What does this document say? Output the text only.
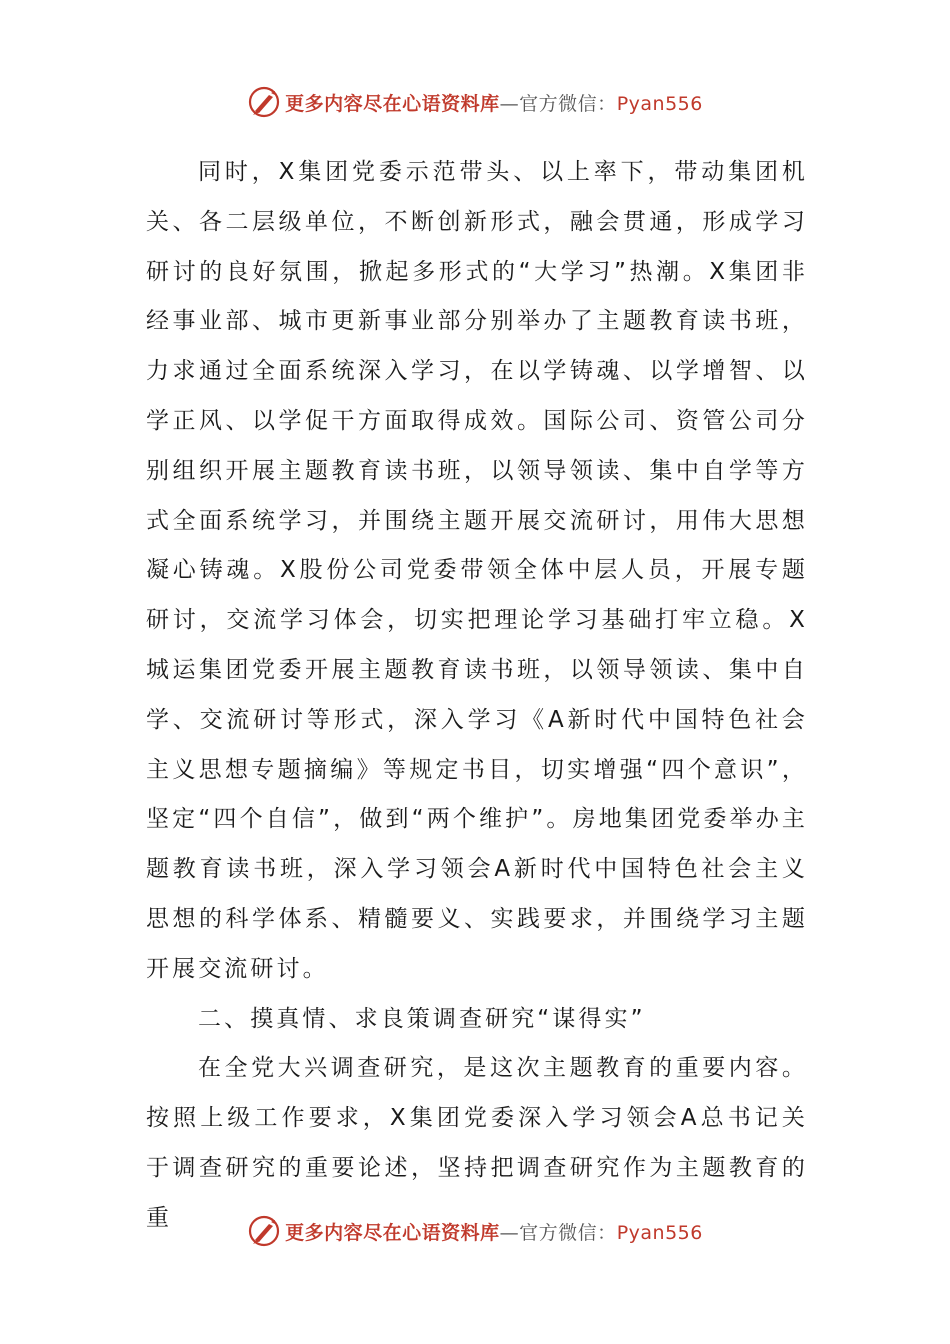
更多内容尽在心语资料库—官方微信：Pyan556

同时，X集团党委示范带头、以上率下，带动集团机关、各二层级单位，不断创新形式，融会贯通，形成学习研讨的良好氛围，掀起多形式的“大学习”热潮。X集团非经事业部、城市更新事业部分别举办了主题教育读书班，力求通过全面系统深入学习，在以学铸魂、以学增智、以学正风、以学促干方面取得成效。国际公司、资管公司分别组织开展主题教育读书班，以领导领读、集中自学等方式全面系统学习，并围绕主题开展交流研讨，用伟大思想凝心铸魂。X股份公司党委带领全体中层人员，开展专题研讨，交流学习体会，切实把理论学习基础打牢立稳。X城运集团党委开展主题教育读书班，以领导领读、集中自学、交流研讨等形式，深入学习《A新时代中国特色社会主义思想专题摘编》等规定书目，切实增强“四个意识”，坚定“四个自信”，做到“两个维护”。房地集团党委举办主题教育读书班，深入学习领会A新时代中国特色社会主义思想的科学体系、精髓要义、实践要求，并围绕学习主题开展交流研讨。

二、摸真情、求良策调查研究“谋得实”

在全党大兴调查研究，是这次主题教育的重要内容。按照上级工作要求，X集团党委深入学习领会A总书记关于调查研究的重要论述，坚持把调查研究作为主题教育的重

更多内容尽在心语资料库—官方微信：Pyan556
